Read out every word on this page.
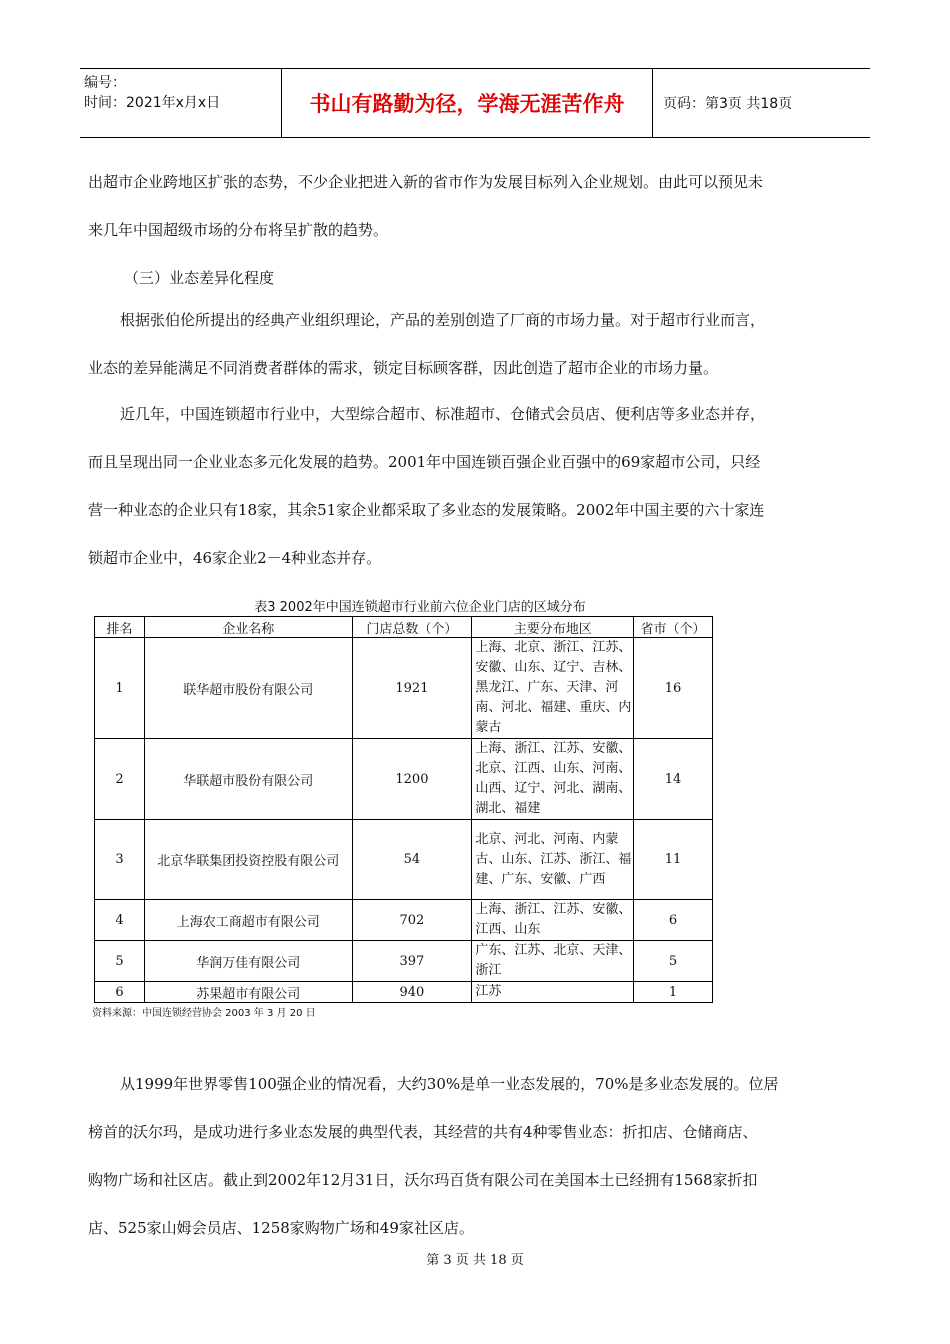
编号：
时间：2021年x月x日	书山有路勤为径，学海无涯苦作舟	页码：第3页 共18页
出超市企业跨地区扩张的态势，不少企业把进入新的省市作为发展目标列入企业规划。由此可以预见未
来几年中国超级市场的分布将呈扩散的趋势。
（三）业态差异化程度
根据张伯伦所提出的经典产业组织理论，产品的差别创造了厂商的市场力量。对于超市行业而言，
业态的差异能满足不同消费者群体的需求，锁定目标顾客群，因此创造了超市企业的市场力量。
近几年，中国连锁超市行业中，大型综合超市、标准超市、仓储式会员店、便利店等多业态并存，
而且呈现出同一企业业态多元化发展的趋势。2001年中国连锁百强企业百强中的69家超市公司，只经
营一种业态的企业只有18家，其余51家企业都采取了多业态的发展策略。2002年中国主要的六十家连
锁超市企业中，46家企业2－4种业态并存。
表3 2002年中国连锁超市行业前六位企业门店的区域分布
排名	企业名称	门店总数（个）	主要分布地区	省市（个）
1	联华超市股份有限公司	1921	上海、北京、浙江、江苏、安徽、山东、辽宁、吉林、黑龙江、广东、天津、河南、河北、福建、重庆、内蒙古	16
2	华联超市股份有限公司	1200	上海、浙江、江苏、安徽、北京、江西、山东、河南、山西、辽宁、河北、湖南、湖北、福建	14
3	北京华联集团投资控股有限公司	54	北京、河北、河南、内蒙古、山东、江苏、浙江、福建、广东、安徽、广西	11
4	上海农工商超市有限公司	702	上海、浙江、江苏、安徽、江西、山东	6
5	华润万佳有限公司	397	广东、江苏、北京、天津、浙江	5
6	苏果超市有限公司	940	江苏	1
资料来源：中国连锁经营协会 2003 年 3 月 20 日
从1999年世界零售100强企业的情况看，大约30%是单一业态发展的，70%是多业态发展的。位居
榜首的沃尔玛，是成功进行多业态发展的典型代表，其经营的共有4种零售业态：折扣店、仓储商店、
购物广场和社区店。截止到2002年12月31日，沃尔玛百货有限公司在美国本土已经拥有1568家折扣
店、525家山姆会员店、1258家购物广场和49家社区店。
第 3 页 共 18 页
